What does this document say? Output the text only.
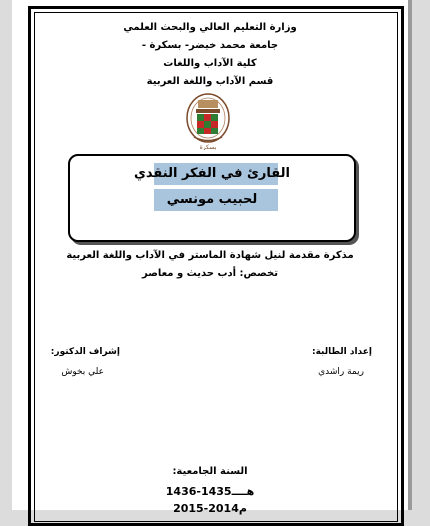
وزارة التعليم العالي والبحث العلمي
جامعة محمد خيضر- بسكرة -
كلية الآداب واللغات
قسم الآداب واللغة العربية
بسكرة
القارئ في الفكر النقدي
لحبيب مونسي
مذكرة مقدمة لنيل شهادة الماستر في الآداب واللغة العربية
تخصص: أدب حديث و معاصر
إعداد الطالبة:
ريمة راشدي
إشراف الدكتور:
علي بخوش
السنة الجامعية:
1436-1435هــــ
2015-2014م
